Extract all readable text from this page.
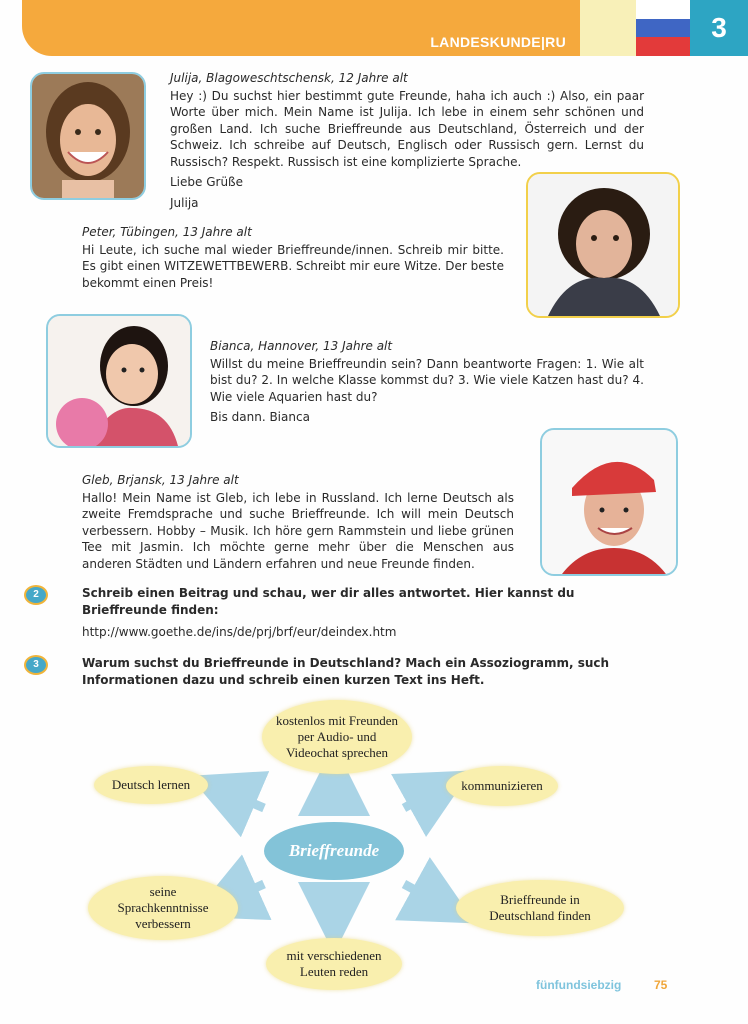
LANDESKUNDE|RU	3

Julija, Blagoweschtschensk, 12 Jahre alt

Hey :) Du suchst hier bestimmt gute Freunde, haha ich auch :) Also, ein paar Worte über mich. Mein Name ist Julija. Ich lebe in einem sehr schönen und großen Land. Ich suche Brieffreunde aus Deutschland, Österreich und der Schweiz. Ich schreibe auf Deutsch, Englisch oder Russisch gern. Lernst du Russisch? Respekt. Russisch ist eine komplizierte Sprache.

Liebe Grüße

Julija

Peter, Tübingen, 13 Jahre alt

Hi Leute, ich suche mal wieder Brieffreunde/innen. Schreib mir bitte. Es gibt einen WITZEWETTBEWERB. Schreibt mir eure Witze. Der beste bekommt einen Preis!

Bianca, Hannover, 13 Jahre alt

Willst du meine Brieffreundin sein? Dann beantworte Fragen: 1. Wie alt bist du? 2. In welche Klasse kommst du? 3. Wie viele Katzen hast du? 4. Wie viele Aquarien hast du?

Bis dann. Bianca

Gleb, Brjansk, 13 Jahre alt

Hallo! Mein Name ist Gleb, ich lebe in Russland. Ich lerne Deutsch als zweite Fremdsprache und suche Brieffreunde. Ich will mein Deutsch verbessern. Hobby – Musik. Ich höre gern Rammstein und liebe grünen Tee mit Jasmin. Ich möchte gerne mehr über die Menschen aus anderen Städten und Ländern erfahren und neue Freunde finden.

2	Schreib einen Beitrag und schau, wer dir alles antwortet. Hier kannst du Brieffreunde finden:
http://www.goethe.de/ins/de/prj/brf/eur/deindex.htm
3	Warum suchst du Brieffreunde in Deutschland? Mach ein Assoziogramm, such Informationen dazu und schreib einen kurzen Text ins Heft.
kostenlos mit Freunden per Audio- und Videochat sprechen
Deutsch lernen	kommunizieren
Brieffreunde
seine Sprachkenntnisse verbessern
Brieffreunde in Deutschland finden
mit verschiedenen Leuten reden
fünfundsiebzig	75
